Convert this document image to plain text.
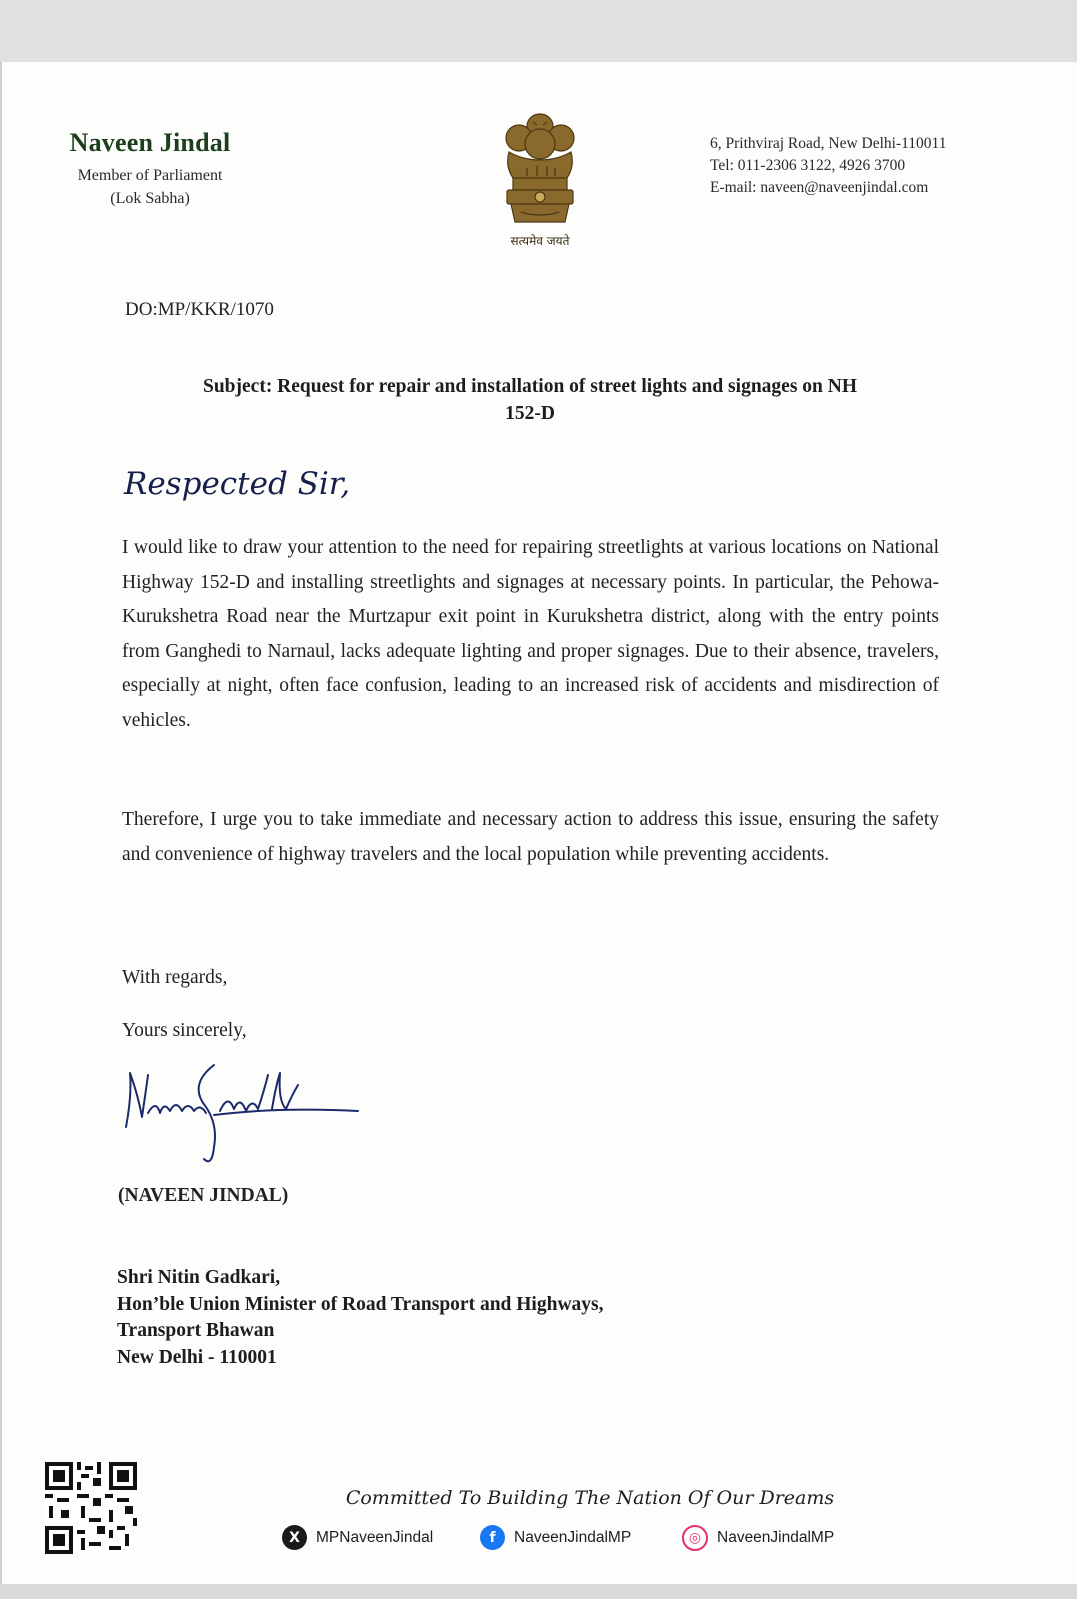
Naveen Jindal
Member of Parliament
(Lok Sabha)
सत्यमेव जयते
6, Prithviraj Road, New Delhi-110011
Tel: 011-2306 3122, 4926 3700
E-mail: naveen@naveenjindal.com
DO:MP/KKR/1070
Subject: Request for repair and installation of street lights and signages on NH
152-D
Respected Sir,

I would like to draw your attention to the need for repairing streetlights at various locations on National Highway 152-D and installing streetlights and signages at necessary points. In particular, the Pehowa-Kurukshetra Road near the Murtzapur exit point in Kurukshetra district, along with the entry points from Ganghedi to Narnaul, lacks adequate lighting and proper signages. Due to their absence, travelers, especially at night, often face confusion, leading to an increased risk of accidents and misdirection of vehicles.

Therefore, I urge you to take immediate and necessary action to address this issue, ensuring the safety and convenience of highway travelers and the local population while preventing accidents.

With regards,
Yours sincerely,
(NAVEEN JINDAL)
Shri Nitin Gadkari,
Hon’ble Union Minister of Road Transport and Highways,
Transport Bhawan
New Delhi - 110001
Committed To Building The Nation Of Our Dreams
X	MPNaveenJindal	f	NaveenJindalMP	◎	NaveenJindalMP
